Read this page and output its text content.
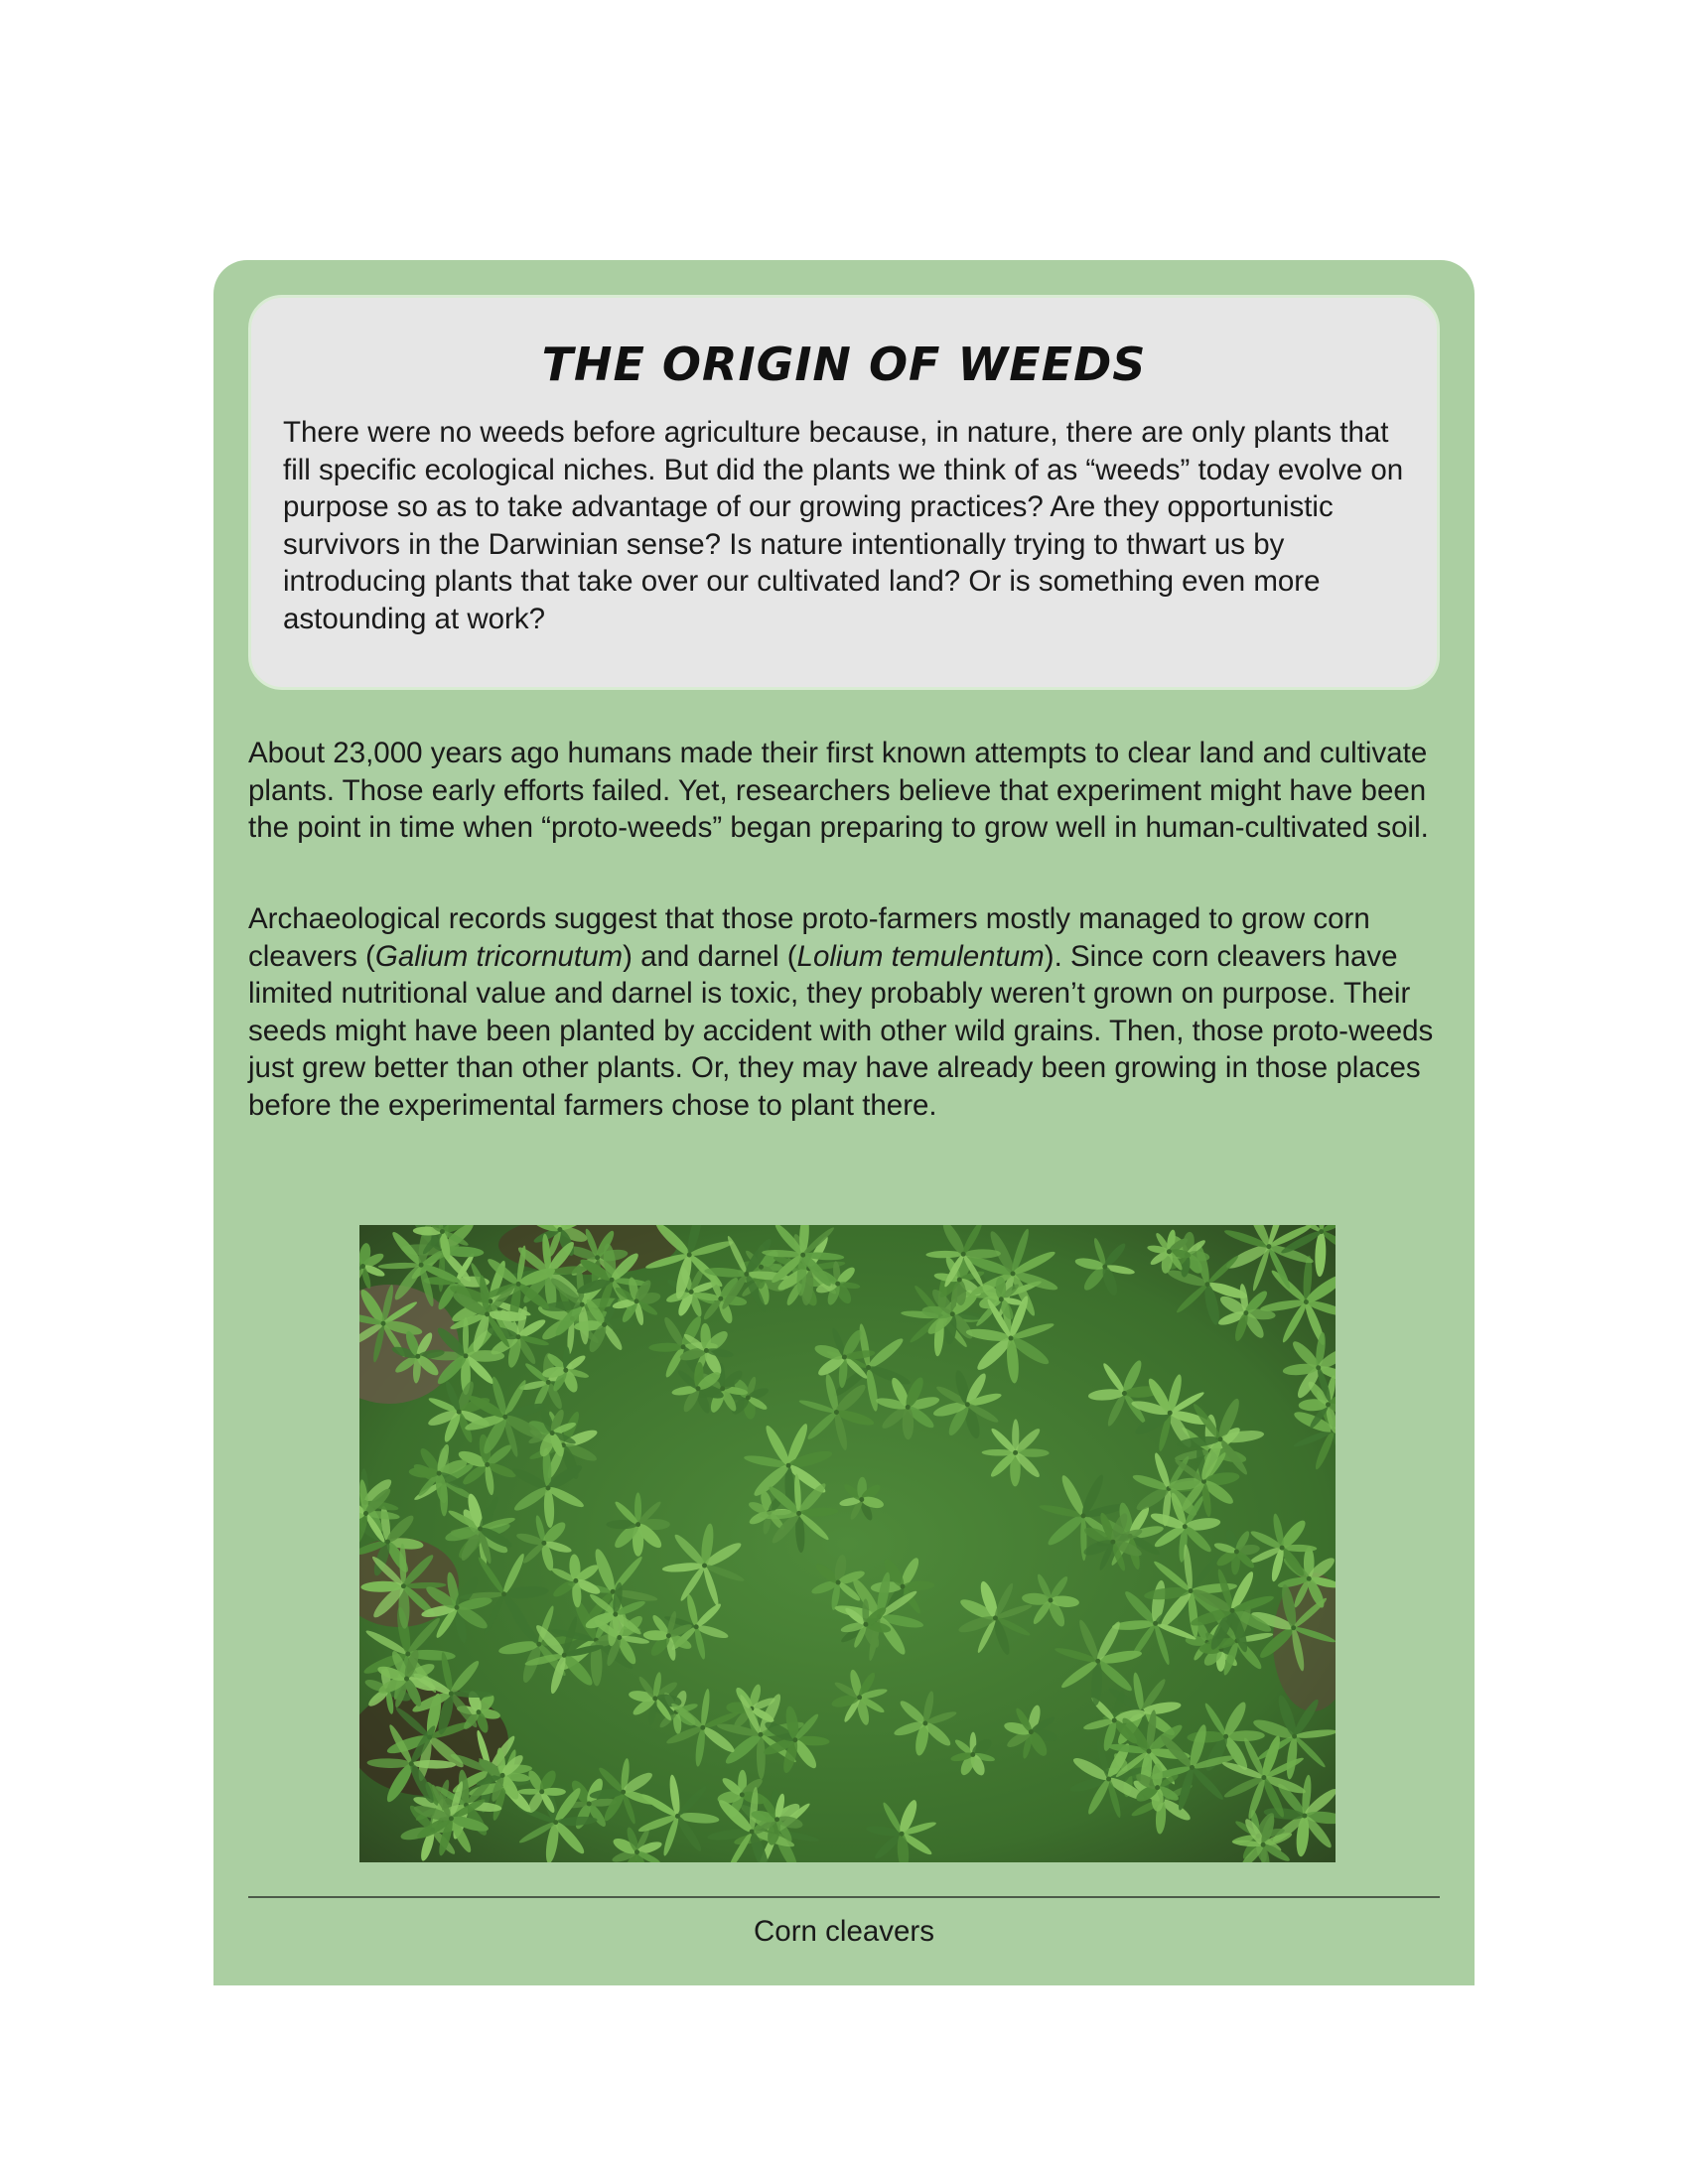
THE ORIGIN OF WEEDS

There were no weeds before agriculture because, in nature, there are only plants that fill specific ecological niches. But did the plants we think of as “weeds” today evolve on purpose so as to take advantage of our growing practices? Are they opportunistic survivors in the Darwinian sense? Is nature intentionally trying to thwart us by introducing plants that take over our cultivated land? Or is something even more astounding at work?

About 23,000 years ago humans made their first known attempts to clear land and cultivate plants. Those early efforts failed. Yet, researchers believe that experiment might have been the point in time when “proto-weeds” began preparing to grow well in human-cultivated soil.

Archaeological records suggest that those proto-farmers mostly managed to grow corn cleavers (Galium tricornutum) and darnel (Lolium temulentum). Since corn cleavers have limited nutritional value and darnel is toxic, they probably weren’t grown on purpose. Their seeds might have been planted by accident with other wild grains. Then, those proto-weeds just grew better than other plants. Or, they may have already been growing in those places before the experimental farmers chose to plant there.

Corn cleavers
